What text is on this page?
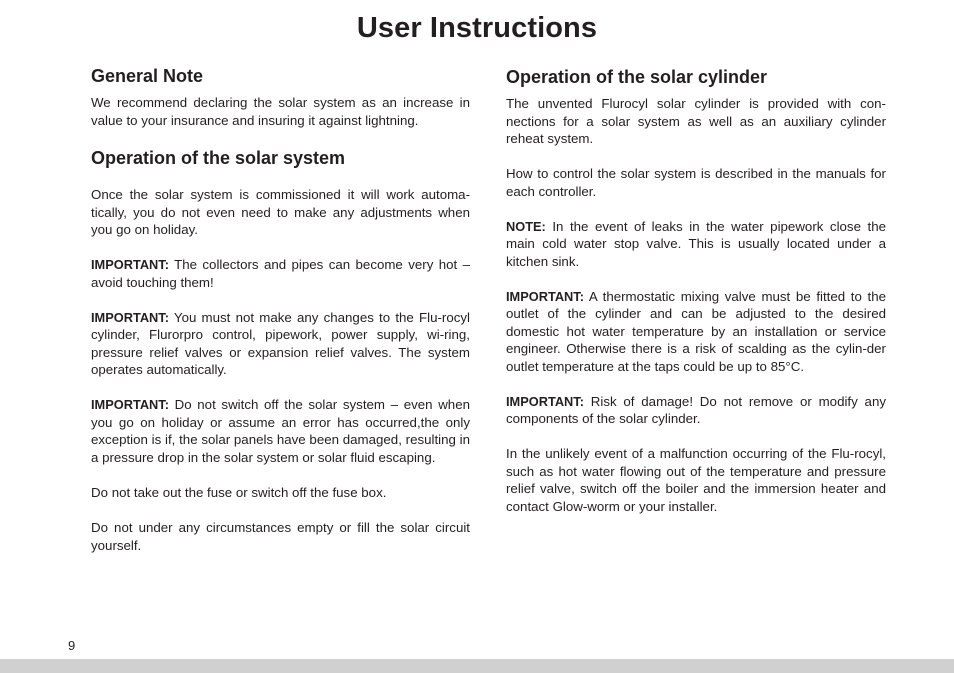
User Instructions
General Note

We recommend declaring the solar system as an increase in value to your insurance and insuring it against lightning.

Operation of the solar system

Once the solar system is commissioned it will work automa-tically, you do not even need to make any adjustments when you go on holiday.

IMPORTANT: The collectors and pipes can become very hot – avoid touching them!

IMPORTANT: You must not make any changes to the Flu-rocyl cylinder, Flurorpro control, pipework, power supply, wi-ring, pressure relief valves or expansion relief valves. The system operates automatically.

IMPORTANT: Do not switch off the solar system – even when you go on holiday or assume an error has occurred,the only exception is if, the solar panels have been damaged, resulting in a pressure drop in the solar system or solar fluid escaping.

Do not take out the fuse or switch off the fuse box.

Do not under any circumstances empty or fill the solar circuit yourself.

Operation of the solar cylinder

The unvented Flurocyl solar cylinder is provided with con-nections for a solar system as well as an auxiliary cylinder reheat system.

How to control the solar system is described in the manuals for each controller.

NOTE: In the event of leaks in the water pipework close the main cold water stop valve. This is usually located under a kitchen sink.

IMPORTANT: A thermostatic mixing valve must be fitted to the outlet of the cylinder and can be adjusted to the desired domestic hot water temperature by an installation or service engineer. Otherwise there is a risk of scalding as the cylin-der outlet temperature at the taps could be up to 85°C.

IMPORTANT: Risk of damage! Do not remove or modify any components of the solar cylinder.

In the unlikely event of a malfunction occurring of the Flu-rocyl, such as hot water flowing out of the temperature and pressure relief valve, switch off the boiler and the immersion heater and contact Glow-worm or your installer.

9
